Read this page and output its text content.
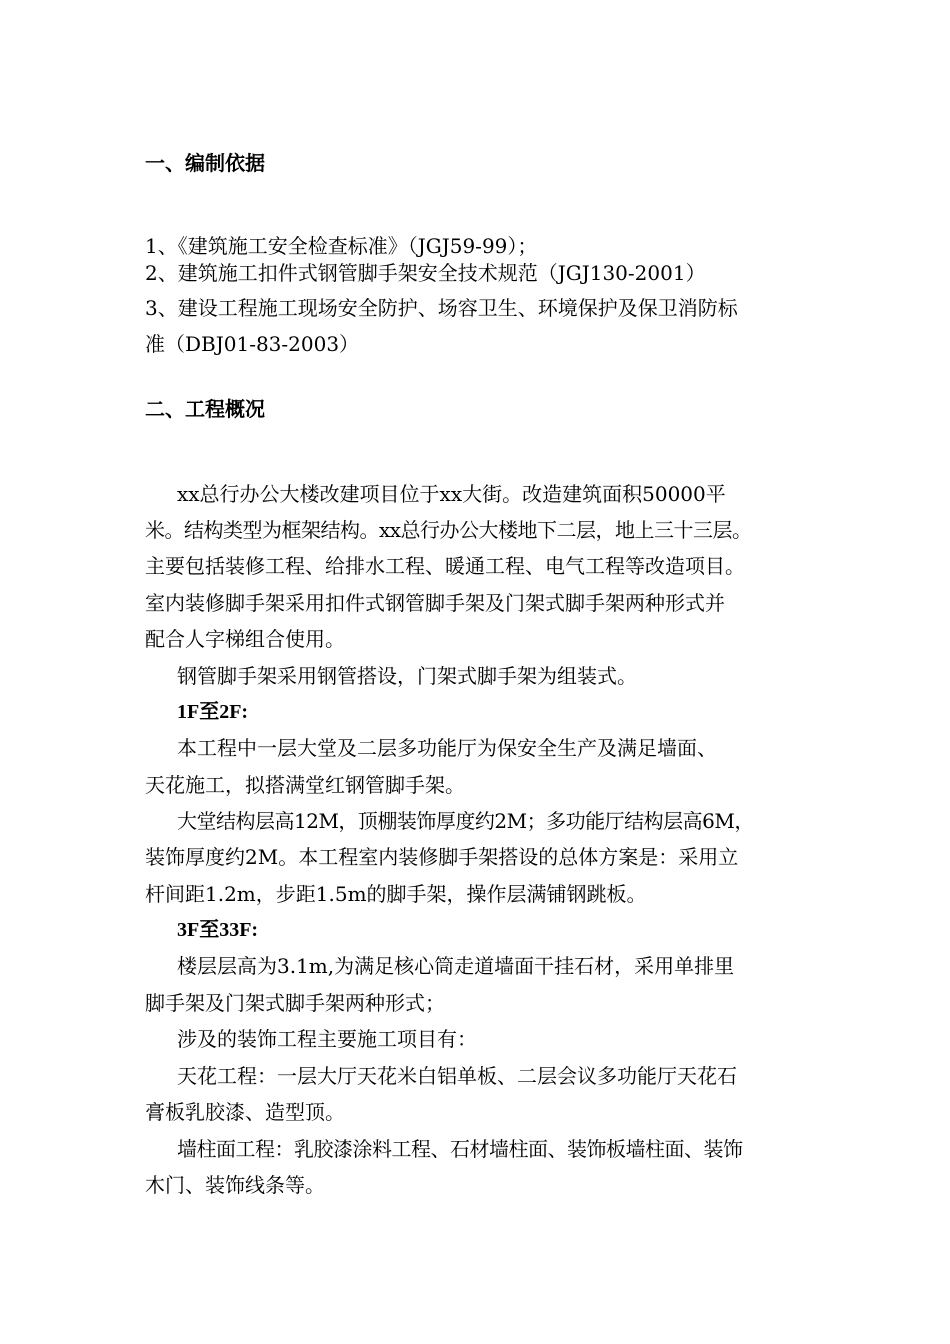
一、编制依据
1、《建筑施工安全检查标准》（JGJ59-99）；
2、建筑施工扣件式钢管脚手架安全技术规范（JGJ130-2001）
3、建设工程施工现场安全防护、场容卫生、环境保护及保卫消防标
准（DBJ01-83-2003）
二、工程概况
xx总行办公大楼改建项目位于xx大街。改造建筑面积50000平
米。结构类型为框架结构。xx总行办公大楼地下二层，地上三十三层。
主要包括装修工程、给排水工程、暖通工程、电气工程等改造项目。
室内装修脚手架采用扣件式钢管脚手架及门架式脚手架两种形式并
配合人字梯组合使用。
钢管脚手架采用钢管搭设，门架式脚手架为组装式。
1F至2F:
本工程中一层大堂及二层多功能厅为保安全生产及满足墙面、
天花施工，拟搭满堂红钢管脚手架。
大堂结构层高12M，顶棚装饰厚度约2M；多功能厅结构层高6M，
装饰厚度约2M。本工程室内装修脚手架搭设的总体方案是：采用立
杆间距1.2m，步距1.5m的脚手架，操作层满铺钢跳板。
3F至33F:
楼层层高为3.1m,为满足核心筒走道墙面干挂石材，采用单排里
脚手架及门架式脚手架两种形式；
涉及的装饰工程主要施工项目有：
天花工程：一层大厅天花米白铝单板、二层会议多功能厅天花石
膏板乳胶漆、造型顶。
墙柱面工程：乳胶漆涂料工程、石材墙柱面、装饰板墙柱面、装饰
木门、装饰线条等。
